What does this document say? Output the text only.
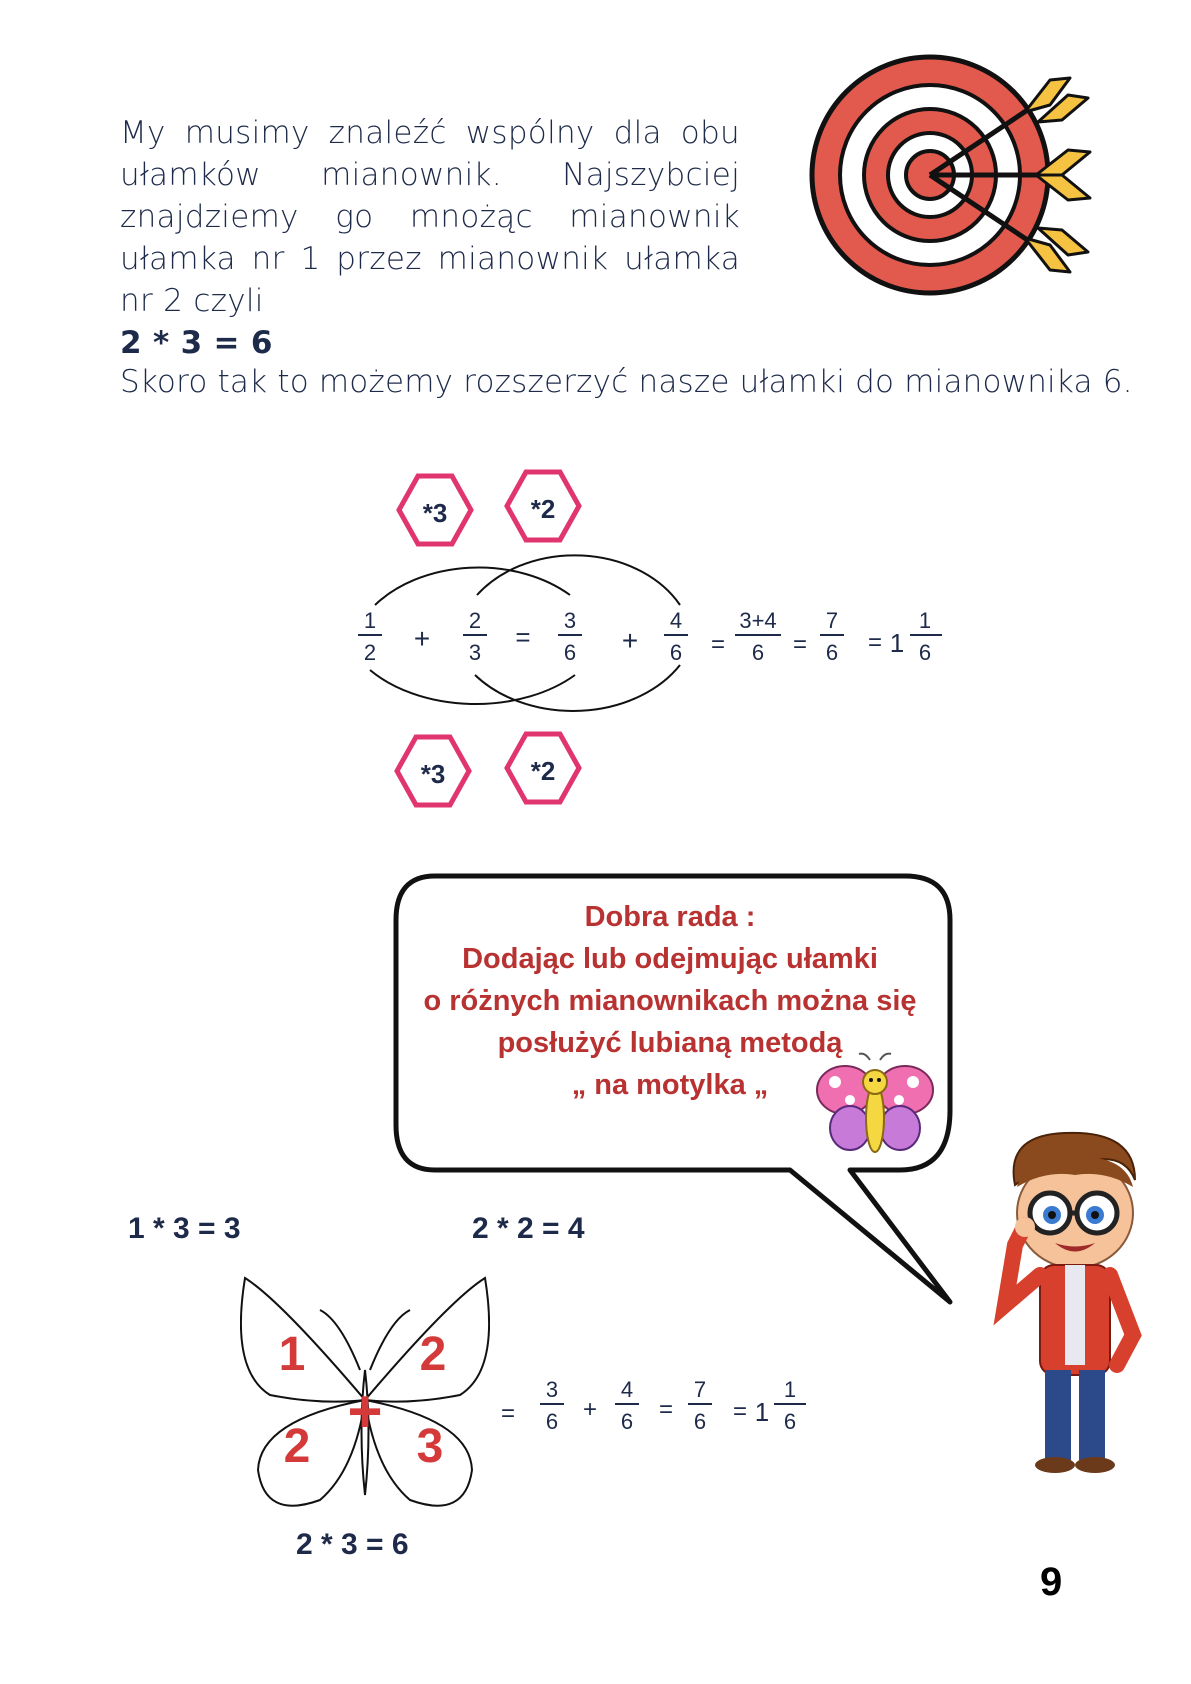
My musimy znaleźć wspólny dla obu ułamków mianownik. Najszybciej znajdziemy go mnożąc mianownik ułamka nr 1 przez mianownik ułamka nr 2 czyli
2 * 3 = 6
Skoro tak to możemy rozszerzyć nasze ułamki do mianownika 6.
*3	*2
1
2 +
2
3
=
3
6 +
4
6 =
3+4
6 =
7
6 = 1
1
6
*3	*2
Dobra rada :
Dodając lub odejmując ułamki
o różnych mianownikach można się
posłużyć lubianą metodą
„ na motylka „
1 * 3 = 3	2 * 2 = 4
2 * 3 = 6
1 2
2 3
+	=
3
6 +
4
6 =
7
6 = 1
1
6
9
